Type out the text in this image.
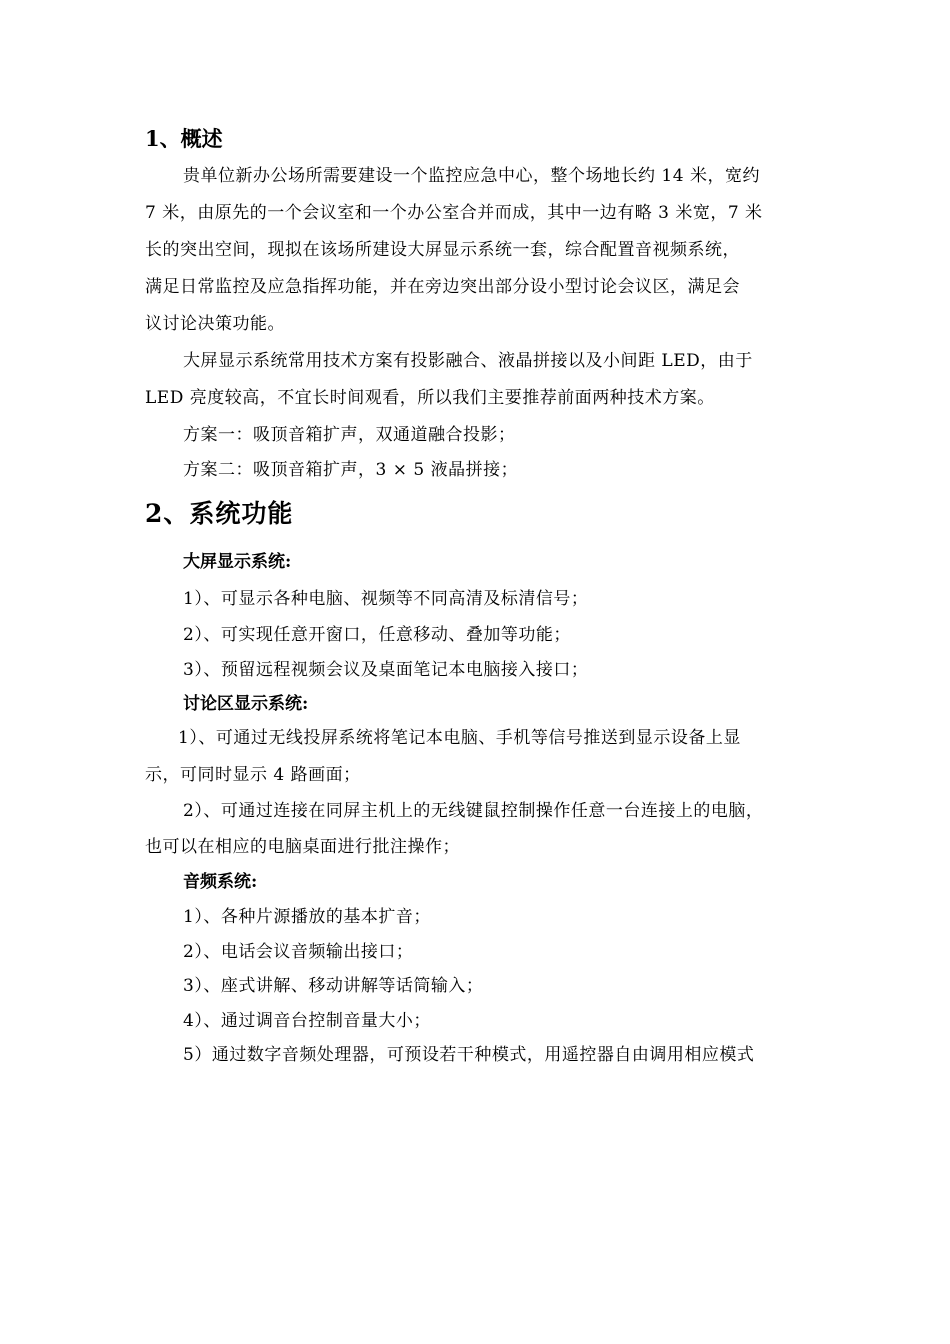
1、概述
贵单位新办公场所需要建设一个监控应急中心，整个场地长约 14 米，宽约
7 米，由原先的一个会议室和一个办公室合并而成，其中一边有略 3 米宽，7 米
长的突出空间，现拟在该场所建设大屏显示系统一套，综合配置音视频系统，
满足日常监控及应急指挥功能，并在旁边突出部分设小型讨论会议区，满足会
议讨论决策功能。
大屏显示系统常用技术方案有投影融合、液晶拼接以及小间距 LED，由于
LED 亮度较高，不宜长时间观看，所以我们主要推荐前面两种技术方案。
方案一：吸顶音箱扩声，双通道融合投影；
方案二：吸顶音箱扩声，3 × 5 液晶拼接；
2、系统功能
大屏显示系统:
1）、可显示各种电脑、视频等不同高清及标清信号；
2）、可实现任意开窗口，任意移动、叠加等功能；
3）、预留远程视频会议及桌面笔记本电脑接入接口；
讨论区显示系统:
1）、可通过无线投屏系统将笔记本电脑、手机等信号推送到显示设备上显
示，可同时显示 4 路画面；
2）、可通过连接在同屏主机上的无线键鼠控制操作任意一台连接上的电脑，
也可以在相应的电脑桌面进行批注操作；
音频系统:
1）、各种片源播放的基本扩音；
2）、电话会议音频输出接口；
3）、座式讲解、移动讲解等话筒输入；
4）、通过调音台控制音量大小；
5）通过数字音频处理器，可预设若干种模式，用遥控器自由调用相应模式
